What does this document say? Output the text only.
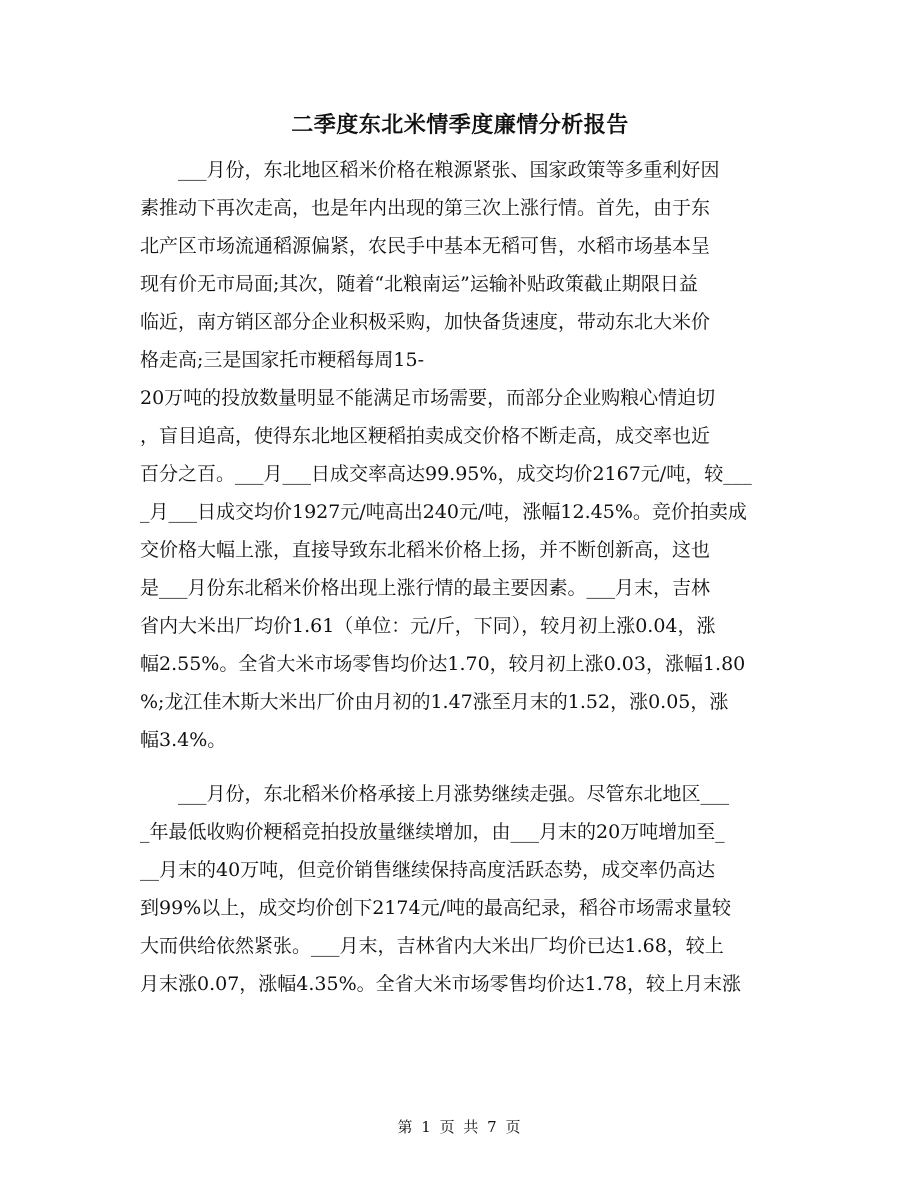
二季度东北米情季度廉情分析报告

　　___月份，东北地区稻米价格在粮源紧张、国家政策等多重利好因

素推动下再次走高，也是年内出现的第三次上涨行情。首先，由于东

北产区市场流通稻源偏紧，农民手中基本无稻可售，水稻市场基本呈

现有价无市局面;其次，随着“北粮南运”运输补贴政策截止期限日益

临近，南方销区部分企业积极采购，加快备货速度，带动东北大米价

格走高;三是国家托市粳稻每周15-

20万吨的投放数量明显不能满足市场需要，而部分企业购粮心情迫切

，盲目追高，使得东北地区粳稻拍卖成交价格不断走高，成交率也近

百分之百。___月___日成交率高达99.95%，成交均价2167元/吨，较___

_月___日成交均价1927元/吨高出240元/吨，涨幅12.45%。竞价拍卖成

交价格大幅上涨，直接导致东北稻米价格上扬，并不断创新高，这也

是___月份东北稻米价格出现上涨行情的最主要因素。___月末，吉林

省内大米出厂均价1.61（单位：元/斤，下同），较月初上涨0.04，涨

幅2.55%。全省大米市场零售均价达1.70，较月初上涨0.03，涨幅1.80

%;龙江佳木斯大米出厂价由月初的1.47涨至月末的1.52，涨0.05，涨

幅3.4%。

　　___月份，东北稻米价格承接上月涨势继续走强。尽管东北地区___

_年最低收购价粳稻竞拍投放量继续增加，由___月末的20万吨增加至_

__月末的40万吨，但竞价销售继续保持高度活跃态势，成交率仍高达

到99%以上，成交均价创下2174元/吨的最高纪录，稻谷市场需求量较

大而供给依然紧张。___月末，吉林省内大米出厂均价已达1.68，较上

月末涨0.07，涨幅4.35%。全省大米市场零售均价达1.78，较上月末涨

第 1 页 共 7 页
